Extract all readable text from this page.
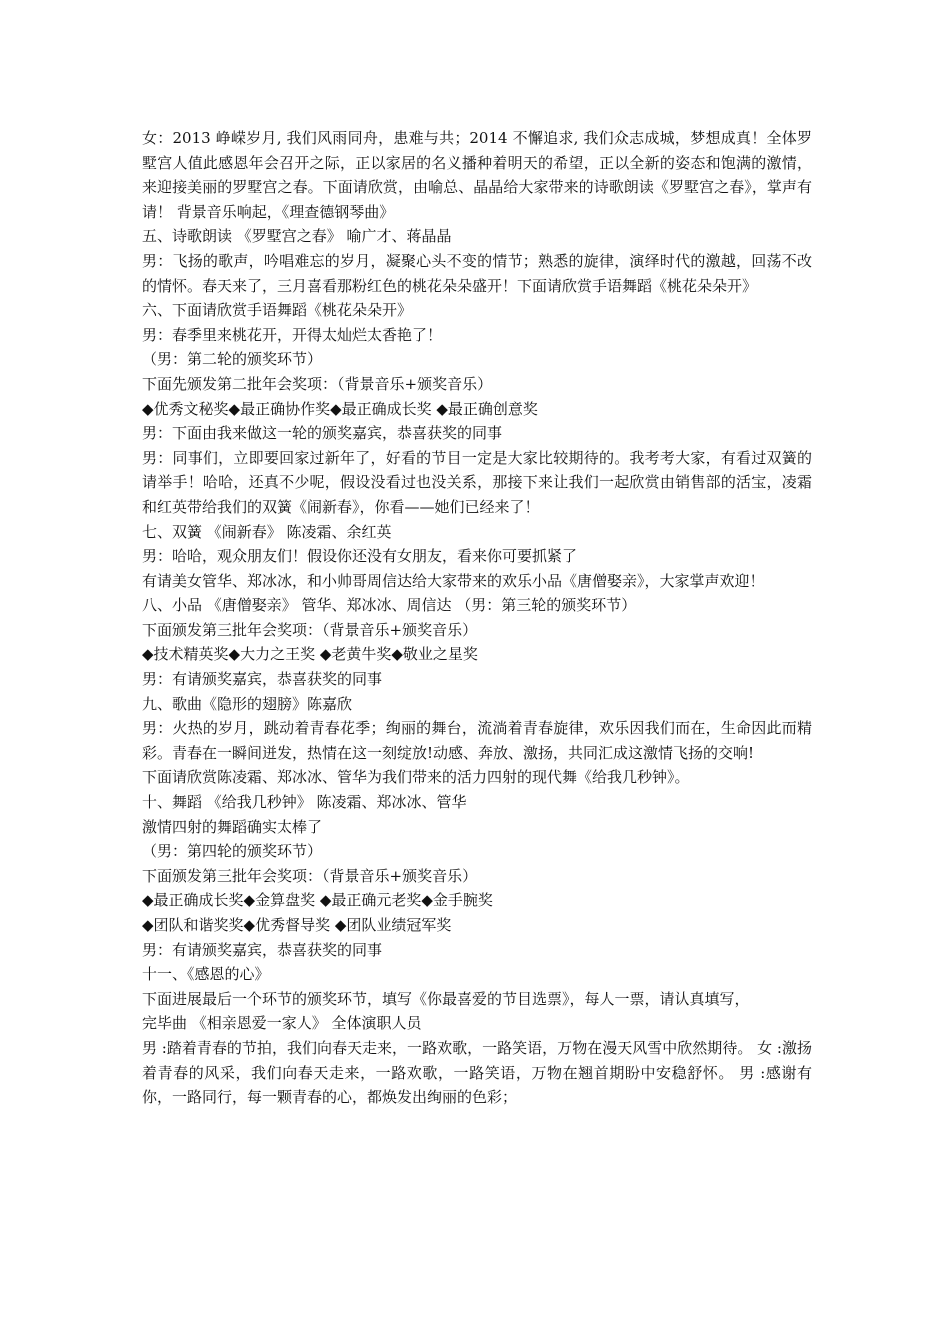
女：2013 峥嵘岁月, 我们风雨同舟，患难与共；2014 不懈追求, 我们众志成城，梦想成真！全体罗墅宫人值此感恩年会召开之际，正以家居的名义播种着明天的希望，正以全新的姿态和饱满的激情，来迎接美丽的罗墅宫之春。下面请欣赏，由喻总、晶晶给大家带来的诗歌朗读《罗墅宫之春》，掌声有请！ 背景音乐响起，《理查德钢琴曲》

五、诗歌朗读 《罗墅宫之春》 喻广才、蒋晶晶

男：飞扬的歌声，吟唱难忘的岁月，凝聚心头不变的情节；熟悉的旋律，演绎时代的激越，回荡不改的情怀。春天来了，三月喜看那粉红色的桃花朵朵盛开！下面请欣赏手语舞蹈《桃花朵朵开》

六、下面请欣赏手语舞蹈《桃花朵朵开》

男：春季里来桃花开，开得太灿烂太香艳了！

（男：第二轮的颁奖环节）

下面先颁发第二批年会奖项：（背景音乐+颁奖音乐）

◆优秀文秘奖◆最正确协作奖◆最正确成长奖 ◆最正确创意奖

男：下面由我来做这一轮的颁奖嘉宾，恭喜获奖的同事

男：同事们，立即要回家过新年了，好看的节目一定是大家比较期待的。我考考大家，有看过双簧的请举手！哈哈，还真不少呢，假设没看过也没关系，那接下来让我们一起欣赏由销售部的活宝，凌霜和红英带给我们的双簧《闹新春》，你看——她们已经来了！

七、双簧 《闹新春》 陈凌霜、余红英

男：哈哈，观众朋友们！假设你还没有女朋友，看来你可要抓紧了

有请美女管华、郑冰冰，和小帅哥周信达给大家带来的欢乐小品《唐僧娶亲》，大家掌声欢迎！

八、小品 《唐僧娶亲》 管华、郑冰冰、周信达 （男：第三轮的颁奖环节）

下面颁发第三批年会奖项：（背景音乐+颁奖音乐）

◆技术精英奖◆大力之王奖 ◆老黄牛奖◆敬业之星奖

男：有请颁奖嘉宾，恭喜获奖的同事

九、歌曲《隐形的翅膀》陈嘉欣

男：火热的岁月，跳动着青春花季；绚丽的舞台，流淌着青春旋律，欢乐因我们而在，生命因此而精彩。青春在一瞬间迸发，热情在这一刻绽放!动感、奔放、激扬，共同汇成这激情飞扬的交响!

下面请欣赏陈凌霜、郑冰冰、管华为我们带来的活力四射的现代舞《给我几秒钟》。

十、舞蹈 《给我几秒钟》 陈凌霜、郑冰冰、管华

激情四射的舞蹈确实太棒了

（男：第四轮的颁奖环节）

下面颁发第三批年会奖项：（背景音乐+颁奖音乐）

◆最正确成长奖◆金算盘奖 ◆最正确元老奖◆金手腕奖

◆团队和谐奖奖◆优秀督导奖 ◆团队业绩冠军奖

男：有请颁奖嘉宾，恭喜获奖的同事

十一、《感恩的心》

下面进展最后一个环节的颁奖环节，填写《你最喜爱的节目选票》，每人一票，请认真填写，

完毕曲 《相亲恩爱一家人》 全体演职人员

男 :踏着青春的节拍，我们向春天走来，一路欢歌，一路笑语，万物在漫天风雪中欣然期待。 女 :激扬着青春的风采，我们向春天走来，一路欢歌，一路笑语，万物在翘首期盼中安稳舒怀。 男 :感谢有你，一路同行，每一颗青春的心，都焕发出绚丽的色彩；
